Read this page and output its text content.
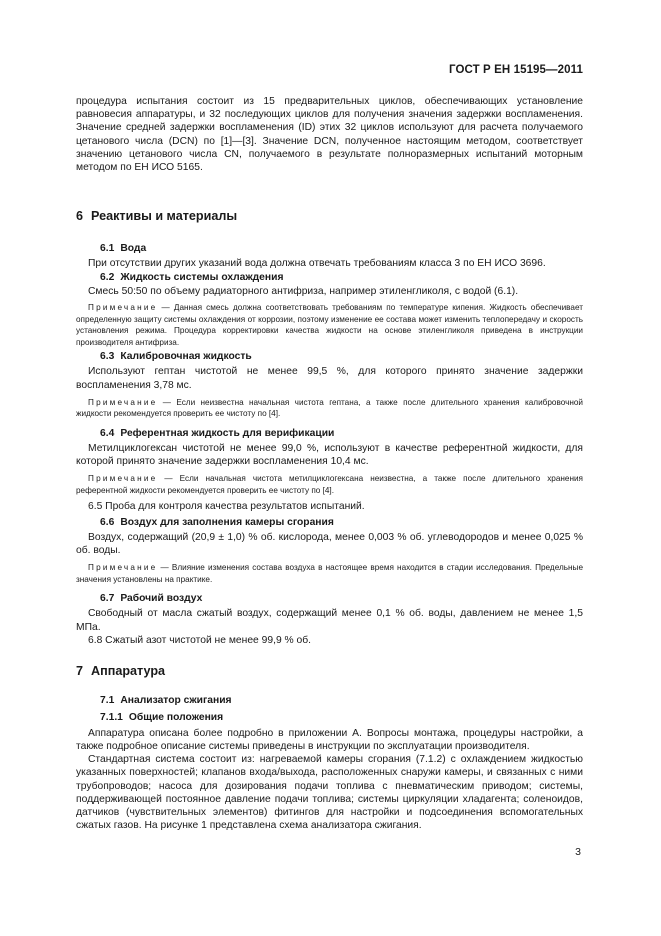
ГОСТ Р ЕН 15195—2011

процедура испытания состоит из 15 предварительных циклов, обеспечивающих установление равновесия аппаратуры, и 32 последующих циклов для получения значения задержки воспламенения. Значение средней задержки воспламенения (ID) этих 32 циклов используют для расчета получаемого цетанового числа (DCN) по [1]—[3]. Значение DCN, полученное настоящим методом, соответствует значению цетанового числа CN, получаемого в результате полноразмерных испытаний моторным методом по ЕН ИСО 5165.

6 Реактивы и материалы

6.1 Вода

При отсутствии других указаний вода должна отвечать требованиям класса 3 по ЕН ИСО 3696.

6.2 Жидкость системы охлаждения

Смесь 50:50 по объему радиаторного антифриза, например этиленгликоля, с водой (6.1).

Примечание — Данная смесь должна соответствовать требованиям по температуре кипения. Жидкость обеспечивает определенную защиту системы охлаждения от коррозии, поэтому изменение ее состава может изменить теплопередачу и скорость установления режима. Процедура корректировки качества жидкости на основе этиленгликоля приведена в инструкции производителя антифриза.

6.3 Калибровочная жидкость

Используют гептан чистотой не менее 99,5 %, для которого принято значение задержки воспламенения 3,78 мс.

Примечание — Если неизвестна начальная чистота гептана, а также после длительного хранения калибровочной жидкости рекомендуется проверить ее чистоту по [4].

6.4 Референтная жидкость для верификации

Метилциклогексан чистотой не менее 99,0 %, используют в качестве референтной жидкости, для которой принято значение задержки воспламенения 10,4 мс.

Примечание — Если начальная чистота метилциклогексана неизвестна, а также после длительного хранения референтной жидкости рекомендуется проверить ее чистоту по [4].

6.5 Проба для контроля качества результатов испытаний.

6.6 Воздух для заполнения камеры сгорания

Воздух, содержащий (20,9 ± 1,0) % об. кислорода, менее 0,003 % об. углеводородов и менее 0,025 % об. воды.

Примечание — Влияние изменения состава воздуха в настоящее время находится в стадии исследования. Предельные значения установлены на практике.

6.7 Рабочий воздух

Свободный от масла сжатый воздух, содержащий менее 0,1 % об. воды, давлением не менее 1,5 МПа.

6.8 Сжатый азот чистотой не менее 99,9 % об.

7 Аппаратура

7.1 Анализатор сжигания

7.1.1 Общие положения

Аппаратура описана более подробно в приложении А. Вопросы монтажа, процедуры настройки, а также подробное описание системы приведены в инструкции по эксплуатации производителя.

Стандартная система состоит из: нагреваемой камеры сгорания (7.1.2) с охлаждением жидкостью указанных поверхностей; клапанов входа/выхода, расположенных снаружи камеры, и связанных с ними трубопроводов; насоса для дозирования подачи топлива с пневматическим приводом; системы, поддерживающей постоянное давление подачи топлива; системы циркуляции хладагента; соленоидов, датчиков (чувствительных элементов) фитингов для настройки и подсоединения вспомогательных сжатых газов. На рисунке 1 представлена схема анализатора сжигания.

3
